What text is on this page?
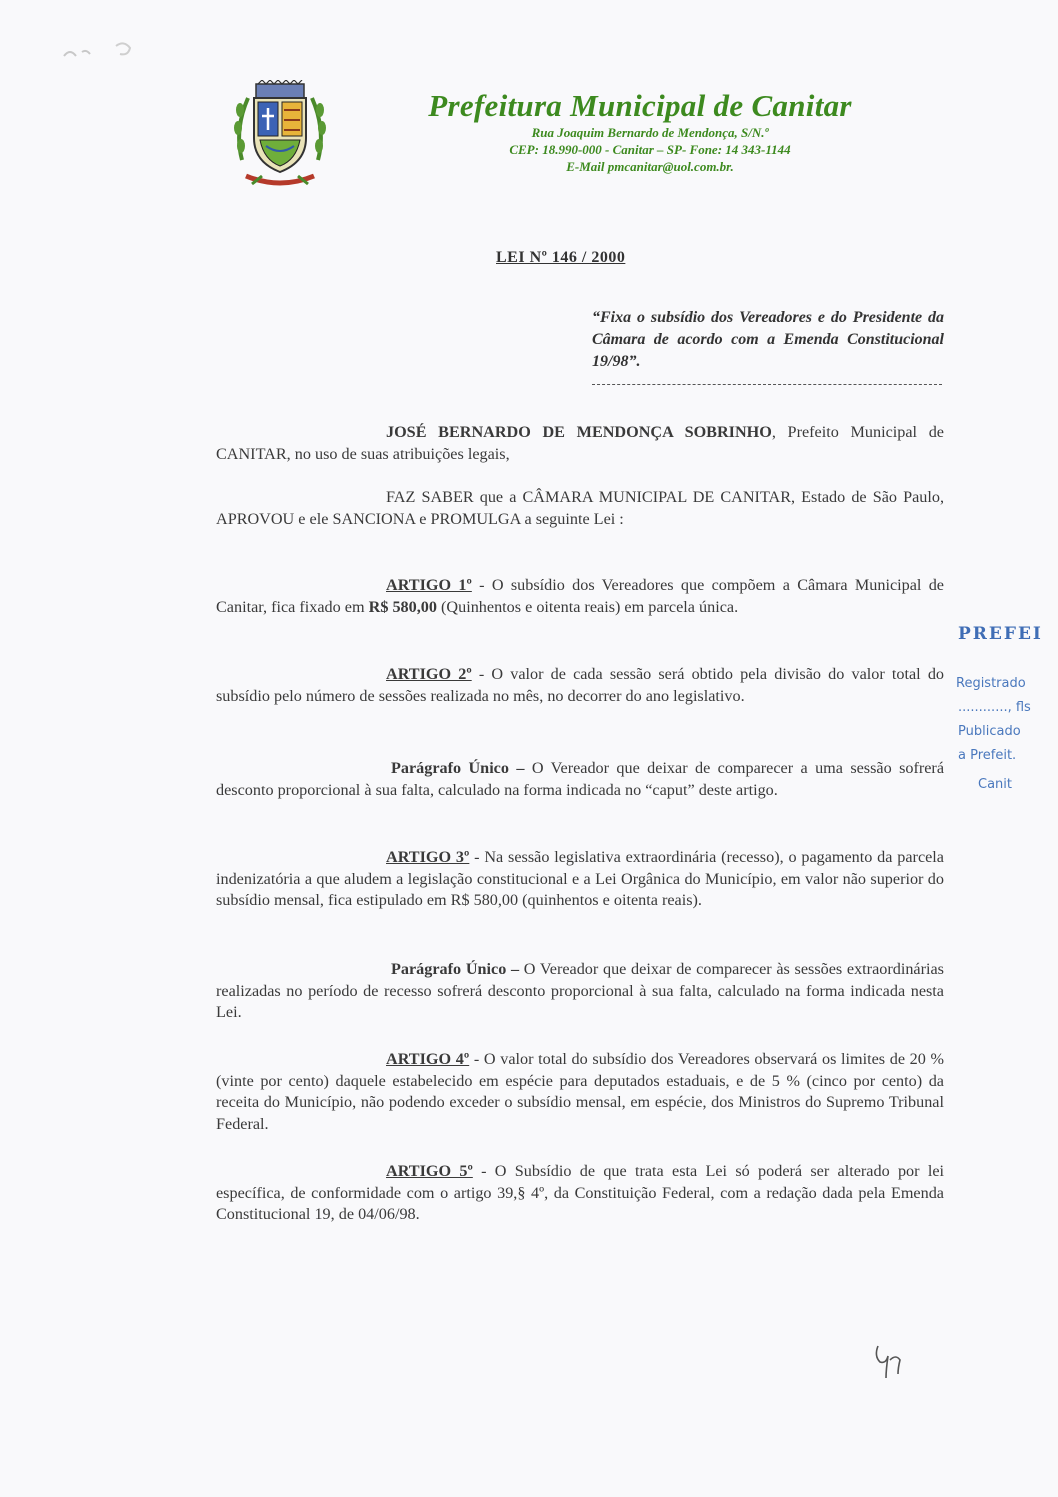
Prefeitura Municipal de Canitar
Rua Joaquim Bernardo de Mendonça, S/N.º
CEP: 18.990-000 - Canitar – SP- Fone: 14 343-1144
E-Mail pmcanitar@uol.com.br.
LEI Nº 146 / 2000
“Fixa o subsídio dos Vereadores e do Presidente da Câmara de acordo com a Emenda Constitucional 19/98”.
JOSÉ BERNARDO DE MENDONÇA SOBRINHO, Prefeito Municipal de CANITAR, no uso de suas atribuições legais,
FAZ SABER que a CÂMARA MUNICIPAL DE CANITAR, Estado de São Paulo, APROVOU e ele SANCIONA e PROMULGA a seguinte Lei :
ARTIGO 1º - O subsídio dos Vereadores que compõem a Câmara Municipal de Canitar, fica fixado em R$ 580,00 (Quinhentos e oitenta reais) em parcela única.
ARTIGO 2º - O valor de cada sessão será obtido pela divisão do valor total do subsídio pelo número de sessões realizada no mês, no decorrer do ano legislativo.
Parágrafo Único – O Vereador que deixar de comparecer a uma sessão sofrerá desconto proporcional à sua falta, calculado na forma indicada no “caput” deste artigo.
ARTIGO 3º - Na sessão legislativa extraordinária (recesso), o pagamento da parcela indenizatória a que aludem a legislação constitucional e a Lei Orgânica do Município, em valor não superior do subsídio mensal, fica estipulado em R$ 580,00 (quinhentos e oitenta reais).
Parágrafo Único – O Vereador que deixar de comparecer às sessões extraordinárias realizadas no período de recesso sofrerá desconto proporcional à sua falta, calculado na forma indicada nesta Lei.
ARTIGO 4º - O valor total do subsídio dos Vereadores observará os limites de 20 % (vinte por cento) daquele estabelecido em espécie para deputados estaduais, e de 5 % (cinco por cento) da receita do Município, não podendo exceder o subsídio mensal, em espécie, dos Ministros do Supremo Tribunal Federal.
ARTIGO 5º - O Subsídio de que trata esta Lei só poderá ser alterado por lei específica, de conformidade com o artigo 39,§ 4º, da Constituição Federal, com a redação dada pela Emenda Constitucional 19, de 04/06/98.
PREFEI
Registrado
............, fls
Publicado
a Prefeit.
Canit
